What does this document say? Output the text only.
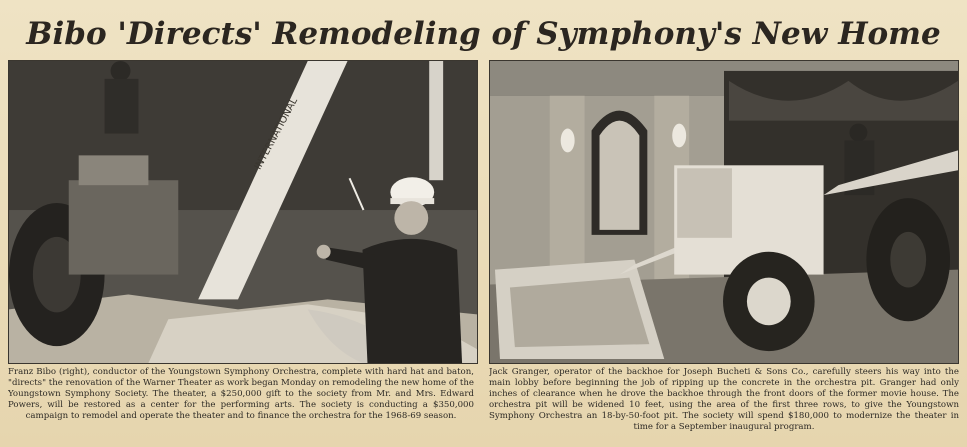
Bibo 'Directs' Remodeling of Symphony's New Home
INTERNATIONAL

Franz Bibo (right), conductor of the Youngstown Symphony Orchestra, complete with hard hat and baton, "directs" the renovation of the Warner Theater as work began Monday on remodeling the new home of the Youngstown Symphony Society. The theater, a $250,000 gift to the society from Mr. and Mrs. Edward Powers, will be restored as a center for the performing arts. The society is conducting a $350,000 campaign to remodel and operate the theater and to finance the orchestra for the 1968-69 season.

Jack Granger, operator of the backhoe for Joseph Bucheti & Sons Co., carefully steers his way into the main lobby before beginning the job of ripping up the concrete in the orchestra pit. Granger had only inches of clearance when he drove the backhoe through the front doors of the former movie house. The orchestra pit will be widened 10 feet, using the area of the first three rows, to give the Youngstown Symphony Orchestra an 18-by-50-foot pit. The society will spend $180,000 to modernize the theater in time for a September inaugural program.
